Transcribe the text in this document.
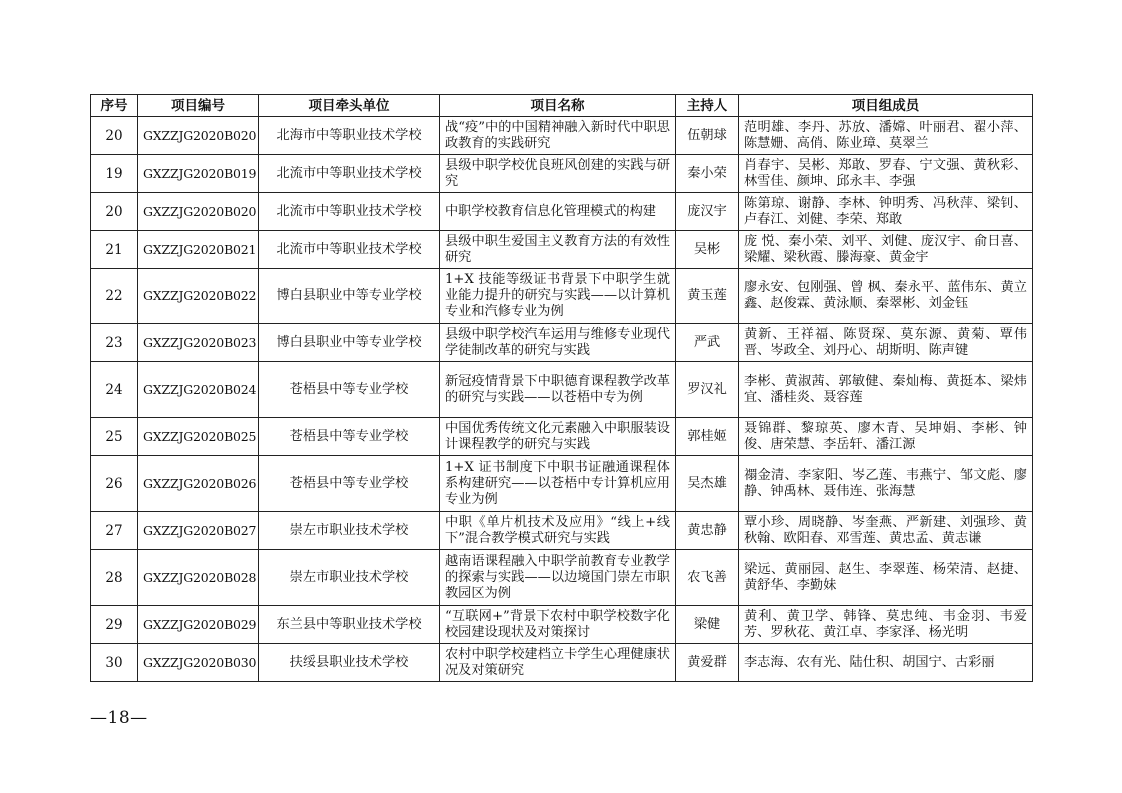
序号	项目编号	项目牵头单位	项目名称	主持人	项目组成员
20	GXZZJG2020B020	北海市中等职业技术学校	战“疫”中的中国精神融入新时代中职思政教育的实践研究	伍朝球	范明雄、李丹、苏放、潘嫦、叶丽君、翟小萍、陈慧姗、高俏、陈业璋、莫翠兰
19	GXZZJG2020B019	北流市中等职业技术学校	县级中职学校优良班风创建的实践与研究	秦小荣	肖春宇、吴彬、郑敢、罗春、宁文强、黄秋彩、林雪佳、颜坤、邱永丰、李强
20	GXZZJG2020B020	北流市中等职业技术学校	中职学校教育信息化管理模式的构建	庞汉宇	陈第琼、谢静、李林、钟明秀、冯秋萍、梁钊、卢春江、刘健、李荣、郑敢
21	GXZZJG2020B021	北流市中等职业技术学校	县级中职生爱国主义教育方法的有效性研究	吴彬	庞 悦、秦小荣、刘平、刘健、庞汉宇、俞日喜、梁耀、梁秋霞、滕海豪、黄金宇
22	GXZZJG2020B022	博白县职业中等专业学校	1+X 技能等级证书背景下中职学生就业能力提升的研究与实践——以计算机专业和汽修专业为例	黄玉莲	廖永安、包刚强、曾 枫、秦永平、蓝伟东、黄立鑫、赵俊霖、黄泳顺、秦翠彬、刘金钰
23	GXZZJG2020B023	博白县职业中等专业学校	县级中职学校汽车运用与维修专业现代学徒制改革的研究与实践	严武	黄新、王祥福、陈贤琛、莫东源、黄菊、覃伟晋、岑政全、刘丹心、胡斯明、陈声键
24	GXZZJG2020B024	苍梧县中等专业学校	新冠疫情背景下中职德育课程教学改革的研究与实践——以苍梧中专为例	罗汉礼	李彬、黄淑茜、郭敏健、秦灿梅、黄挺本、梁炜宜、潘桂炎、聂容莲
25	GXZZJG2020B025	苍梧县中等专业学校	中国优秀传统文化元素融入中职服装设计课程教学的研究与实践	郭桂姬	聂锦群、黎琼英、廖木青、吴坤娟、李彬、钟俊、唐荣慧、李岳轩、潘江源
26	GXZZJG2020B026	苍梧县中等专业学校	1+X 证书制度下中职书证融通课程体系构建研究——以苍梧中专计算机应用专业为例	吴杰雄	禤金清、李家阳、岑乙莲、韦燕宁、邹文彪、廖静、钟禹林、聂伟连、张海慧
27	GXZZJG2020B027	崇左市职业技术学校	中职《单片机技术及应用》“线上+线下”混合教学模式研究与实践	黄忠静	覃小珍、周晓静、岑奎燕、严新建、刘强珍、黄秋翰、欧阳春、邓雪莲、黄忠孟、黄志谦
28	GXZZJG2020B028	崇左市职业技术学校	越南语课程融入中职学前教育专业教学的探索与实践——以边境国门崇左市职教园区为例	农飞善	梁远、黄丽园、赵生、李翠莲、杨荣清、赵捷、黄舒华、李勤妹
29	GXZZJG2020B029	东兰县中等职业技术学校	“互联网+”背景下农村中职学校数字化校园建设现状及对策探讨	梁健	黄利、黄卫学、韩锋、莫忠纯、韦金羽、韦爱芳、罗秋花、黄江卓、李家泽、杨光明
30	GXZZJG2020B030	扶绥县职业技术学校	农村中职学校建档立卡学生心理健康状况及对策研究	黄爱群	李志海、农有光、陆仕积、胡国宁、古彩丽
—18—
